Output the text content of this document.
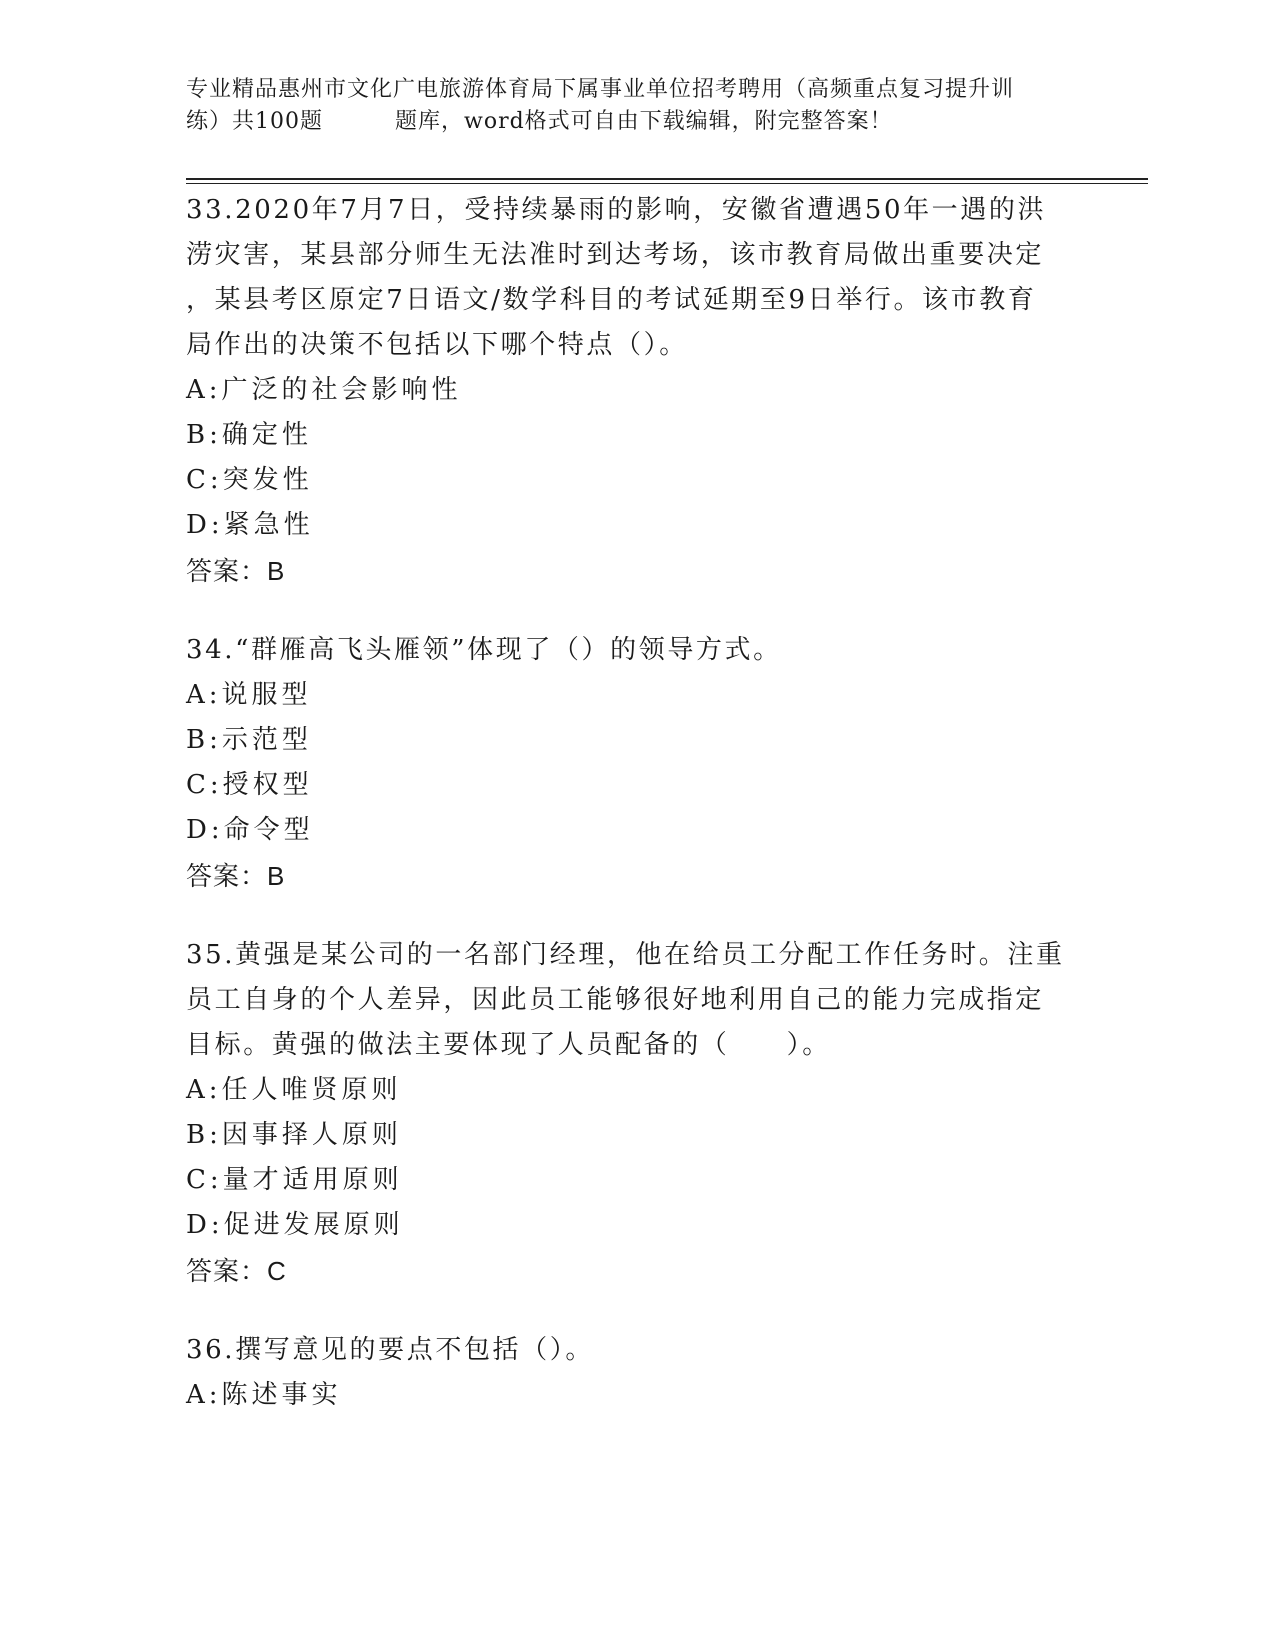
专业精品惠州市文化广电旅游体育局下属事业单位招考聘用（高频重点复习提升训
练）共100题	题库，word格式可自由下载编辑，附完整答案！
33.2020年7月7日，受持续暴雨的影响，安徽省遭遇50年一遇的洪
涝灾害，某县部分师生无法准时到达考场，该市教育局做出重要决定
，某县考区原定7日语文/数学科目的考试延期至9日举行。该市教育
局作出的决策不包括以下哪个特点（）。
A:广泛的社会影响性
B:确定性
C:突发性
D:紧急性
答案：B
34.“群雁高飞头雁领”体现了（）的领导方式。
A:说服型
B:示范型
C:授权型
D:命令型
答案：B
35.黄强是某公司的一名部门经理，他在给员工分配工作任务时。注重
员工自身的个人差异，因此员工能够很好地利用自己的能力完成指定
目标。黄强的做法主要体现了人员配备的（　　）。
A:任人唯贤原则
B:因事择人原则
C:量才适用原则
D:促进发展原则
答案：C
36.撰写意见的要点不包括（）。
A:陈述事实
